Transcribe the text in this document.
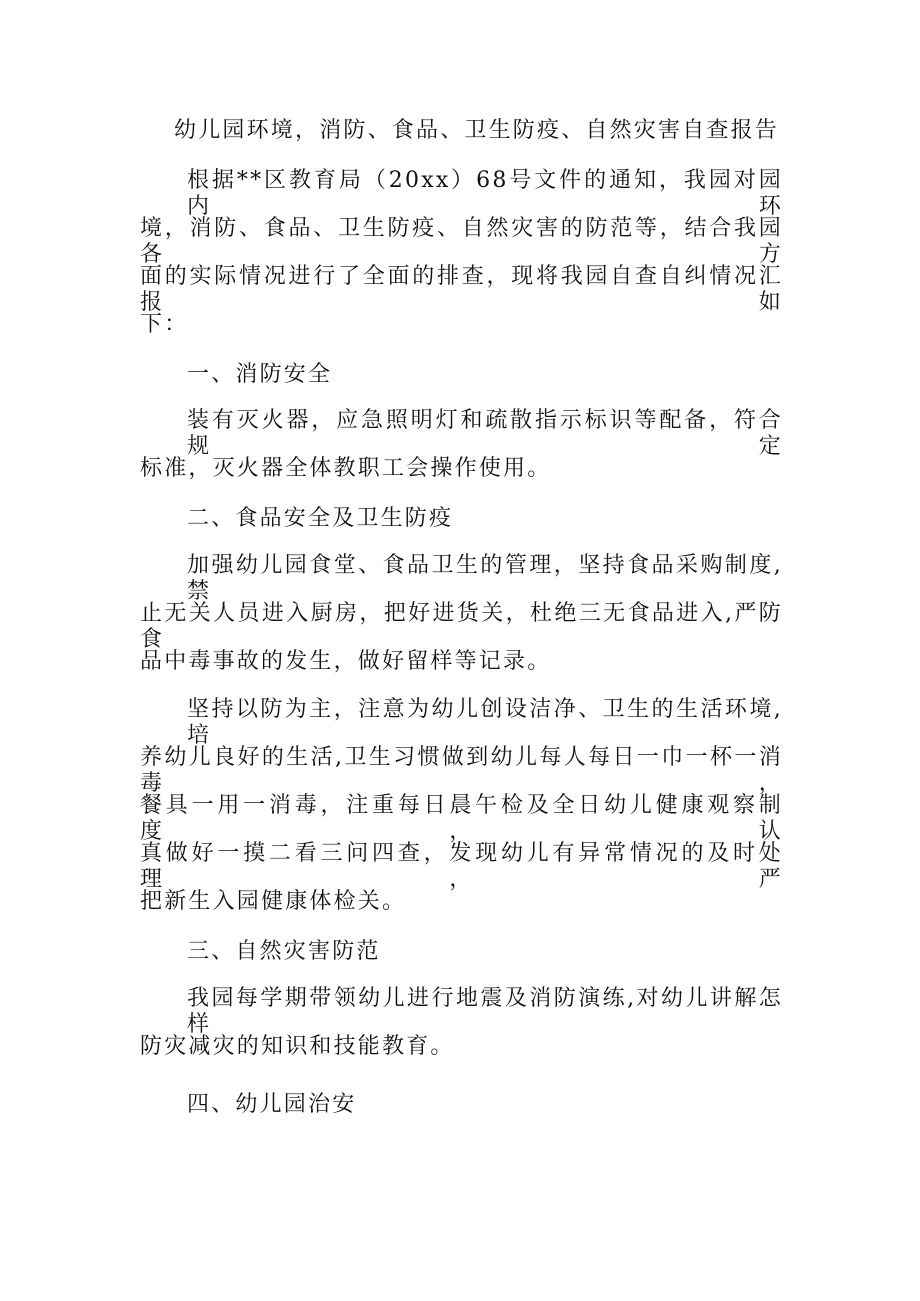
幼儿园环境，消防、食品、卫生防疫、自然灾害自查报告
根据**区教育局（20xx）68号文件的通知，我园对园内环
境，消防、食品、卫生防疫、自然灾害的防范等，结合我园各方
面的实际情况进行了全面的排查，现将我园自查自纠情况汇报如
下：
一、消防安全
装有灭火器，应急照明灯和疏散指示标识等配备，符合规定
标准，灭火器全体教职工会操作使用。
二、食品安全及卫生防疫
加强幼儿园食堂、食品卫生的管理，坚持食品采购制度,禁
止无关人员进入厨房，把好进货关，杜绝三无食品进入,严防食
品中毒事故的发生，做好留样等记录。
坚持以防为主，注意为幼儿创设洁净、卫生的生活环境,培
养幼儿良好的生活,卫生习惯做到幼儿每人每日一巾一杯一消毒，
餐具一用一消毒，注重每日晨午检及全日幼儿健康观察制度，认
真做好一摸二看三问四查，发现幼儿有异常情况的及时处理，严
把新生入园健康体检关。
三、自然灾害防范
我园每学期带领幼儿进行地震及消防演练,对幼儿讲解怎样
防灾减灾的知识和技能教育。
四、幼儿园治安
